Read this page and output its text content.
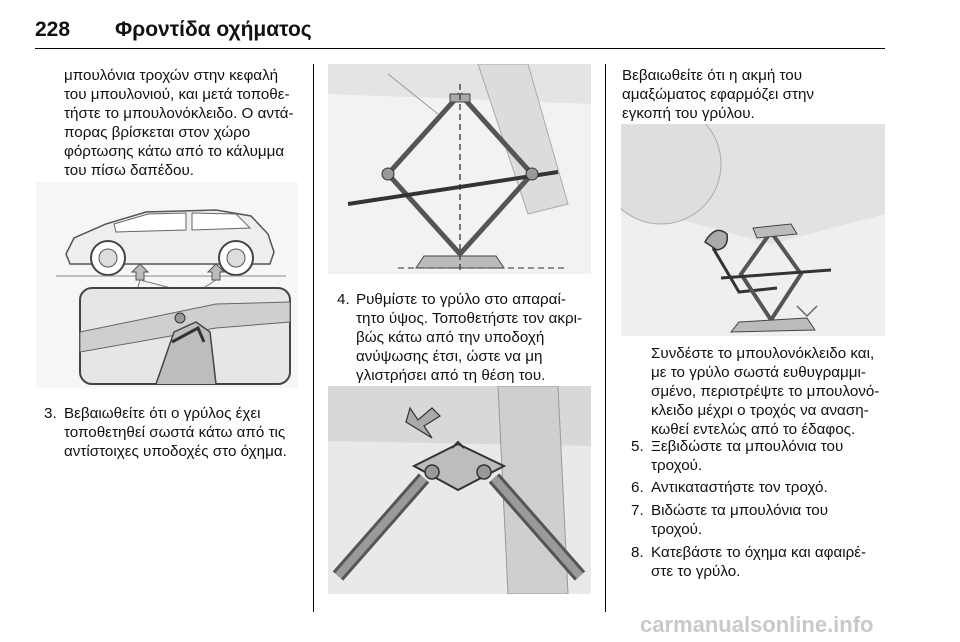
228 Φροντίδα οχήματος

μπουλόνια τροχών στην κεφαλή

του μπουλονιού, και μετά τοποθε-

τήστε το μπουλονόκλειδο. Ο αντά-

πορας βρίσκεται στον χώρο

φόρτωσης κάτω από το κάλυμμα

του πίσω δαπέδου.

3. Βεβαιωθείτε ότι ο γρύλος έχει

τοποθετηθεί σωστά κάτω από τις

αντίστοιχες υποδοχές στο όχημα.

4. Ρυθμίστε το γρύλο στο απαραί-

τητο ύψος. Τοποθετήστε τον ακρι-

βώς κάτω από την υποδοχή

ανύψωσης έτσι, ώστε να μη

γλιστρήσει από τη θέση του.

Βεβαιωθείτε ότι η ακμή του

αμαξώματος εφαρμόζει στην

εγκοπή του γρύλου.

Συνδέστε το μπουλονόκλειδο και,

με το γρύλο σωστά ευθυγραμμι-

σμένο, περιστρέψτε το μπουλονό-

κλειδο μέχρι ο τροχός να αναση-

κωθεί εντελώς από το έδαφος.

5. Ξεβιδώστε τα μπουλόνια του

τροχού.

6. Αντικαταστήστε τον τροχό.

7. Βιδώστε τα μπουλόνια του

τροχού.

8. Κατεβάστε το όχημα και αφαιρέ-

στε το γρύλο.

carmanualsonline.info
